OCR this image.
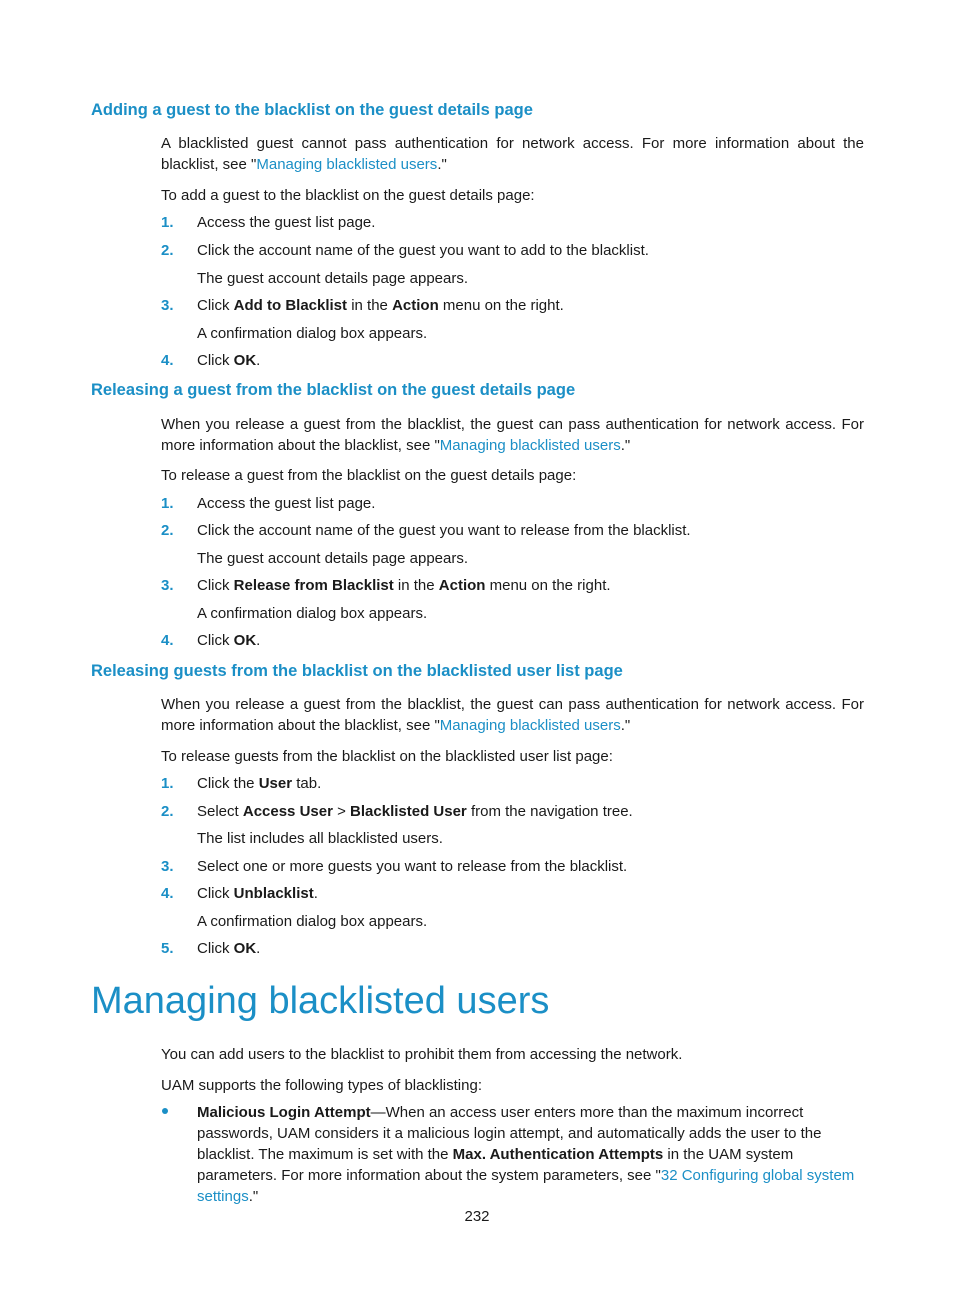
Adding a guest to the blacklist on the guest details page
A blacklisted guest cannot pass authentication for network access. For more information about the blacklist, see "Managing blacklisted users."
To add a guest to the blacklist on the guest details page:
1. Access the guest list page.
2. Click the account name of the guest you want to add to the blacklist.
The guest account details page appears.
3. Click Add to Blacklist in the Action menu on the right.
A confirmation dialog box appears.
4. Click OK.
Releasing a guest from the blacklist on the guest details page
When you release a guest from the blacklist, the guest can pass authentication for network access. For more information about the blacklist, see "Managing blacklisted users."
To release a guest from the blacklist on the guest details page:
1. Access the guest list page.
2. Click the account name of the guest you want to release from the blacklist.
The guest account details page appears.
3. Click Release from Blacklist in the Action menu on the right.
A confirmation dialog box appears.
4. Click OK.
Releasing guests from the blacklist on the blacklisted user list page
When you release a guest from the blacklist, the guest can pass authentication for network access. For more information about the blacklist, see "Managing blacklisted users."
To release guests from the blacklist on the blacklisted user list page:
1. Click the User tab.
2. Select Access User > Blacklisted User from the navigation tree.
The list includes all blacklisted users.
3. Select one or more guests you want to release from the blacklist.
4. Click Unblacklist.
A confirmation dialog box appears.
5. Click OK.
Managing blacklisted users
You can add users to the blacklist to prohibit them from accessing the network.
UAM supports the following types of blacklisting:
Malicious Login Attempt—When an access user enters more than the maximum incorrect passwords, UAM considers it a malicious login attempt, and automatically adds the user to the blacklist. The maximum is set with the Max. Authentication Attempts in the UAM system parameters. For more information about the system parameters, see "32 Configuring global system settings."
232
